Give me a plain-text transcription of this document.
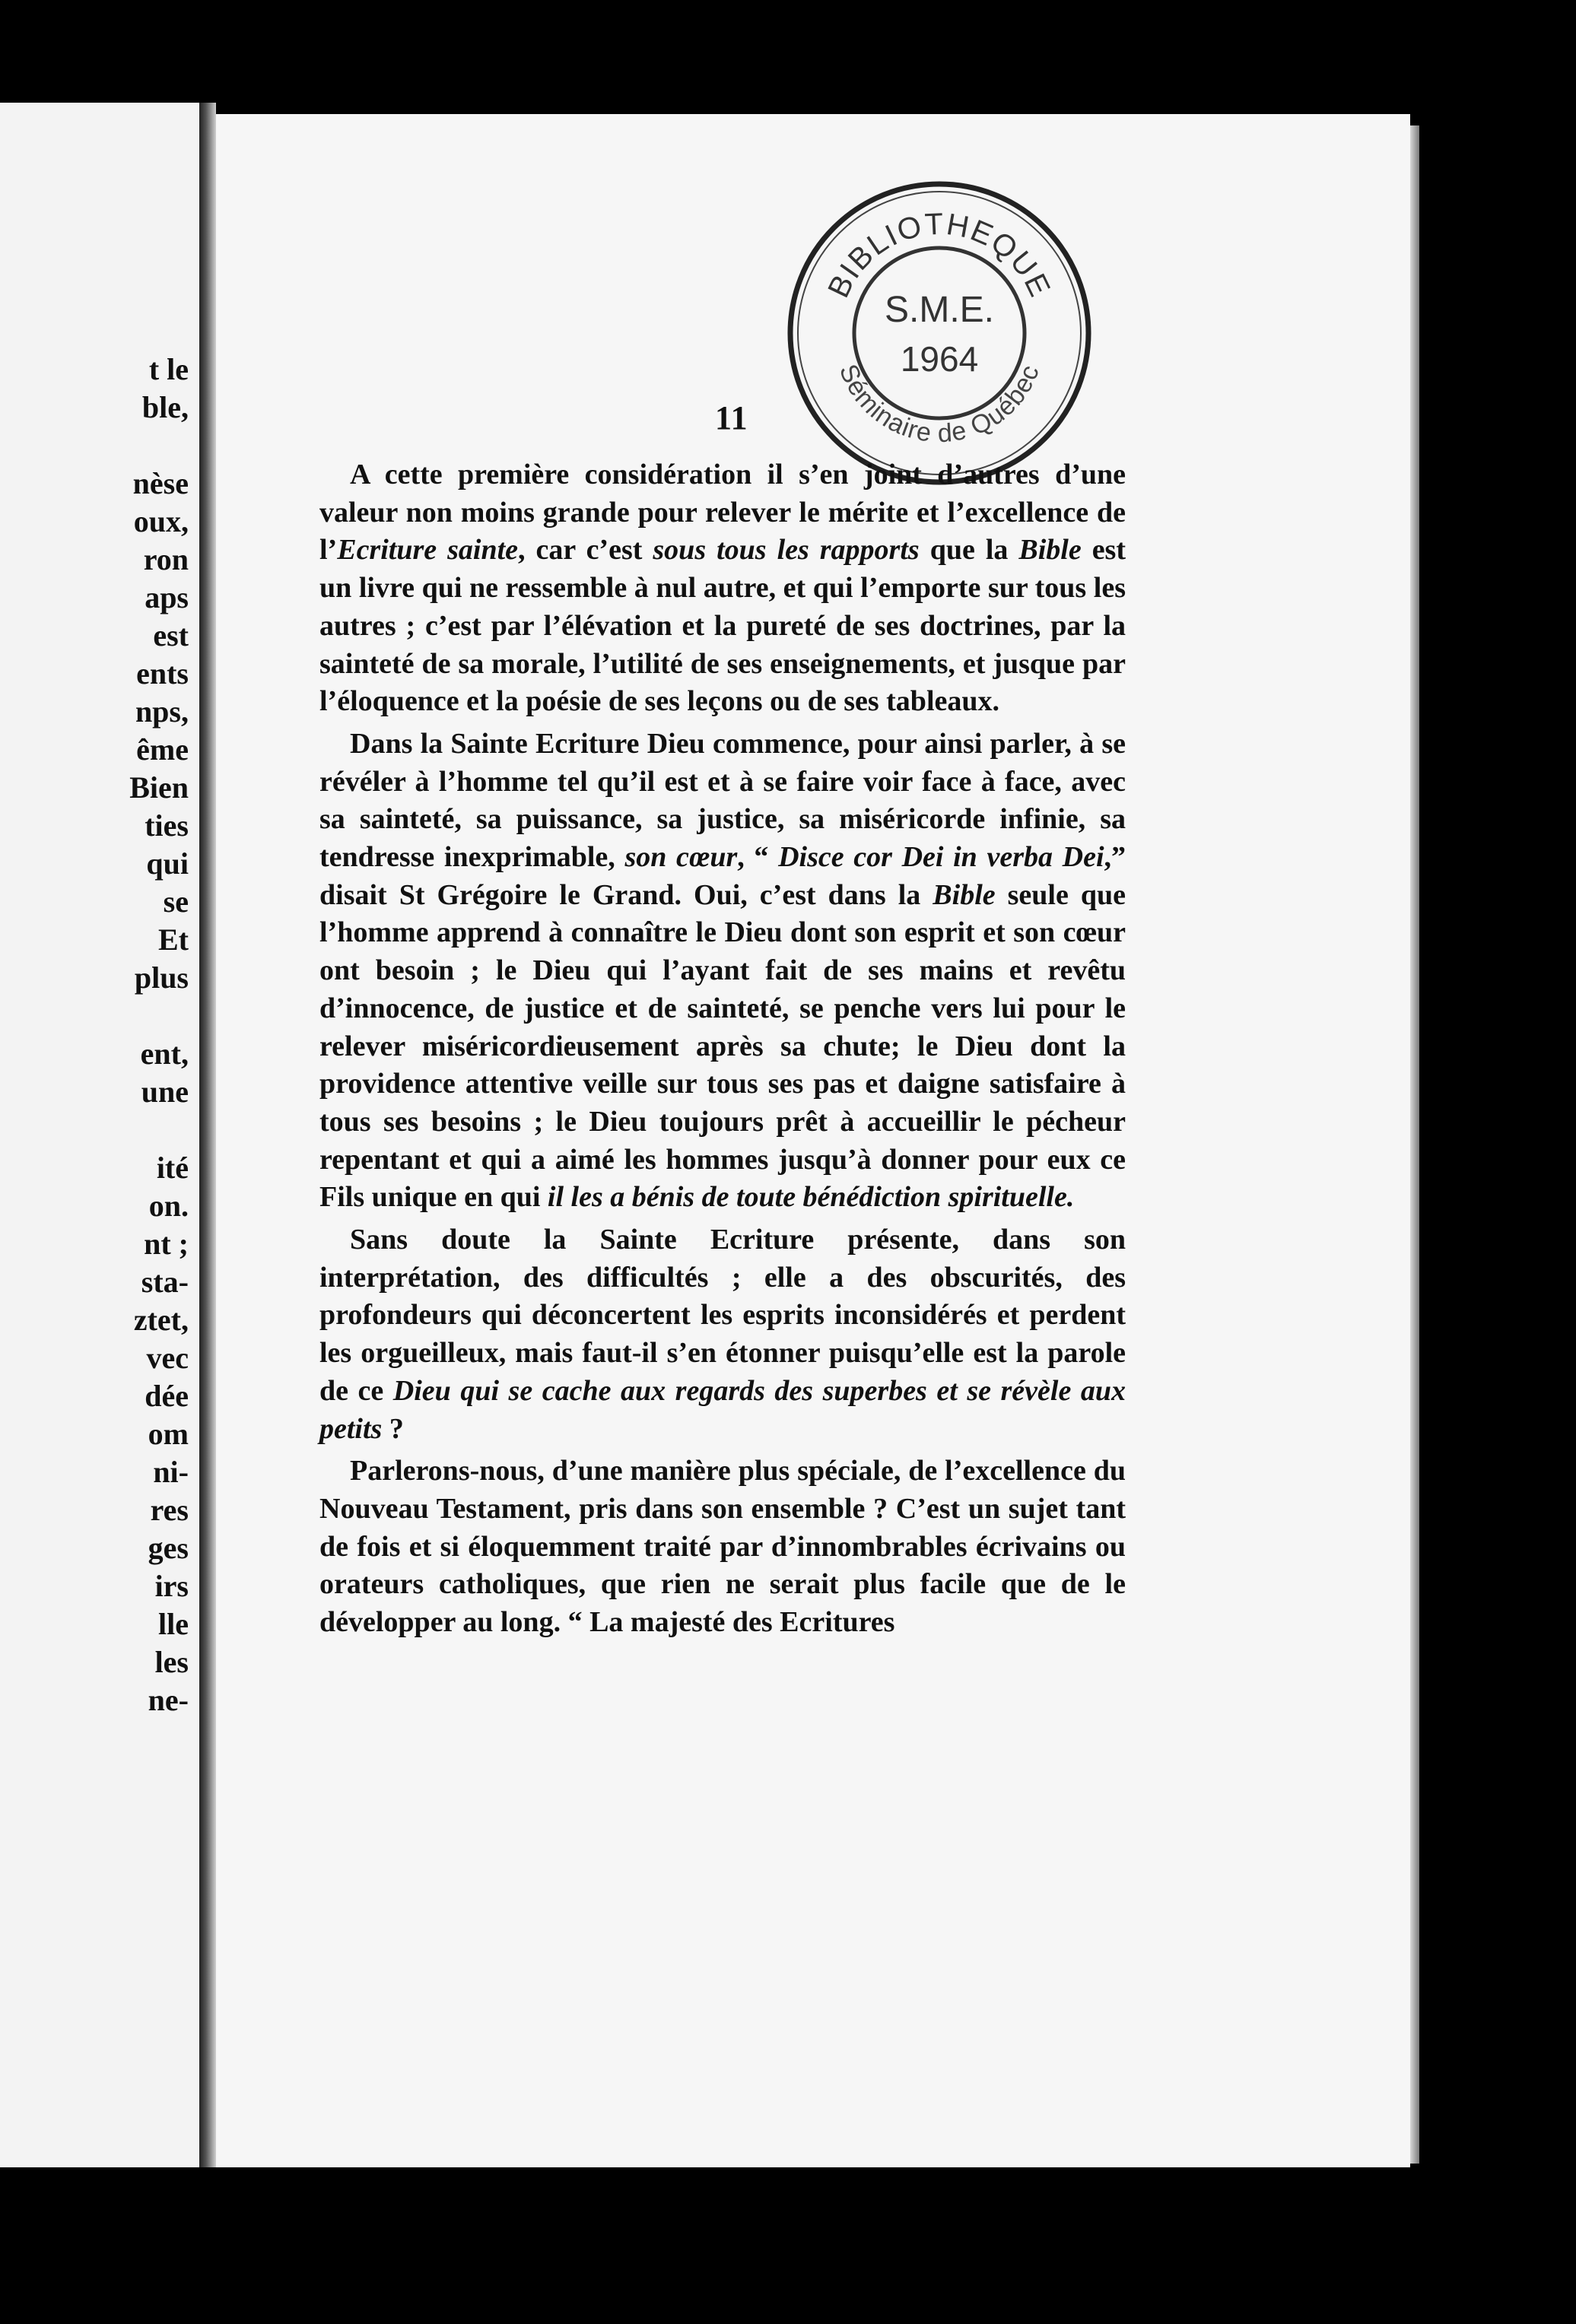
t le
ble,
nèse
oux,
ron
aps
est
ents
nps,
ême
Bien
ties
qui
se
Et
plus
ent,
une
ité
on.
nt ;
sta-
ztet,
vec
dée
om
ni-
res
ges
irs
lle
les
ne-
BIBLIOTHEQUE
Séminaire de Québec
S.M.E.
1964
11

A cette première considération il s’en joint d’autres d’une valeur non moins grande pour relever le mérite et l’excellence de l’Ecriture sainte, car c’est sous tous les rapports que la Bible est un livre qui ne ressemble à nul autre, et qui l’emporte sur tous les autres ; c’est par l’élévation et la pureté de ses doctrines, par la sainteté de sa morale, l’utilité de ses enseignements, et jusque par l’éloquence et la poésie de ses leçons ou de ses tableaux.

Dans la Sainte Ecriture Dieu commence, pour ainsi parler, à se révéler à l’homme tel qu’il est et à se faire voir face à face, avec sa sainteté, sa puissance, sa justice, sa miséricorde infinie, sa tendresse inexprimable, son cœur, “ Disce cor Dei in verba Dei,” disait St Grégoire le Grand. Oui, c’est dans la Bible seule que l’homme apprend à connaître le Dieu dont son esprit et son cœur ont besoin ; le Dieu qui l’ayant fait de ses mains et revêtu d’innocence, de justice et de sainteté, se penche vers lui pour le relever miséricordieusement après sa chute; le Dieu dont la providence attentive veille sur tous ses pas et daigne satisfaire à tous ses besoins ; le Dieu toujours prêt à accueillir le pécheur repentant et qui a aimé les hommes jusqu’à donner pour eux ce Fils unique en qui il les a bénis de toute bénédiction spirituelle.

Sans doute la Sainte Ecriture présente, dans son interprétation, des difficultés ; elle a des obscurités, des profondeurs qui déconcertent les esprits inconsidérés et perdent les orgueilleux, mais faut-il s’en étonner puisqu’elle est la parole de ce Dieu qui se cache aux regards des superbes et se révèle aux petits ?

Parlerons-nous, d’une manière plus spéciale, de l’excellence du Nouveau Testament, pris dans son ensemble ? C’est un sujet tant de fois et si éloquemment traité par d’innombrables écrivains ou orateurs catholiques, que rien ne serait plus facile que de le développer au long. “ La majesté des Ecritures
